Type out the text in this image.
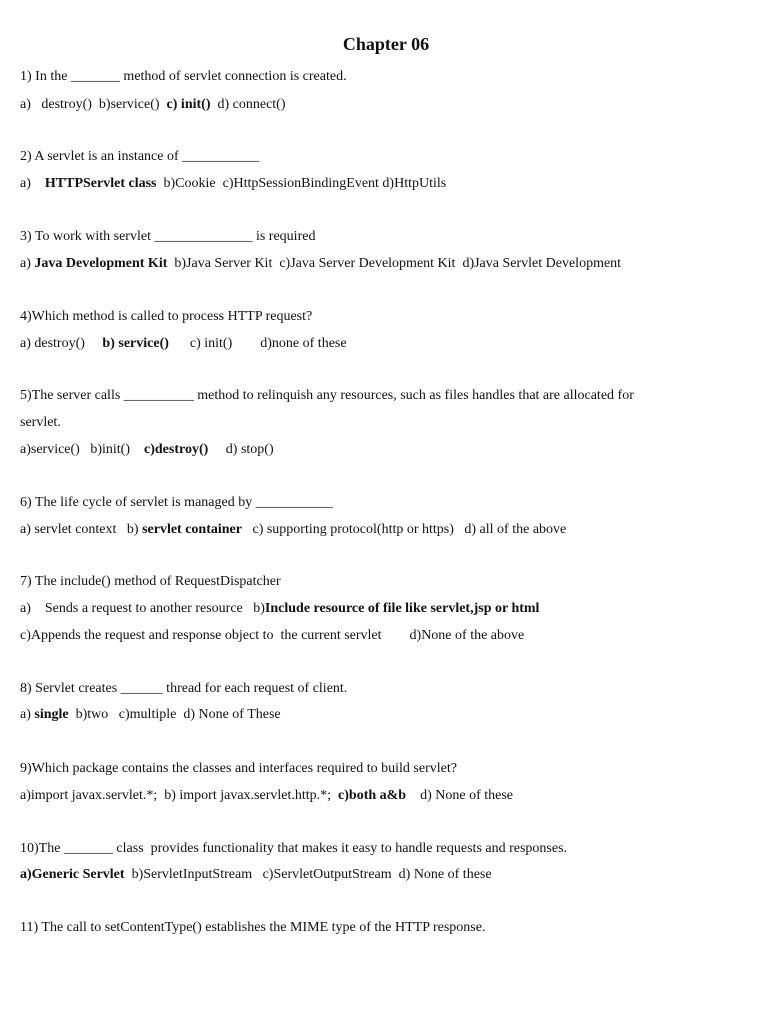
Chapter 06
1) In the _______ method of servlet connection is created.
a)   destroy()  b)service()  c) init()  d) connect()
2) A servlet is an instance of ___________
a)    HTTPServlet class  b)Cookie  c)HttpSessionBindingEvent d)HttpUtils
3) To work with servlet ______________ is required
a) Java Development Kit  b)Java Server Kit  c)Java Server Development Kit  d)Java Servlet Development
4)Which method is called to process HTTP request?
a) destroy()     b) service()      c) init()        d)none of these
5)The server calls __________ method to relinquish any resources, such as files handles that are allocated for
servlet.
a)service()   b)init()    c)destroy()     d) stop()
6) The life cycle of servlet is managed by ___________
a) servlet context   b) servlet container   c) supporting protocol(http or https)   d) all of the above
7) The include() method of RequestDispatcher
a)    Sends a request to another resource   b)Include resource of file like servlet,jsp or html
c)Appends the request and response object to  the current servlet        d)None of the above
8) Servlet creates ______ thread for each request of client.
a) single  b)two   c)multiple  d) None of These
9)Which package contains the classes and interfaces required to build servlet?
a)import javax.servlet.*;  b) import javax.servlet.http.*;  c)both a&b    d) None of these
10)The _______ class  provides functionality that makes it easy to handle requests and responses.
a)Generic Servlet  b)ServletInputStream   c)ServletOutputStream  d) None of these
11) The call to setContentType() establishes the MIME type of the HTTP response.
